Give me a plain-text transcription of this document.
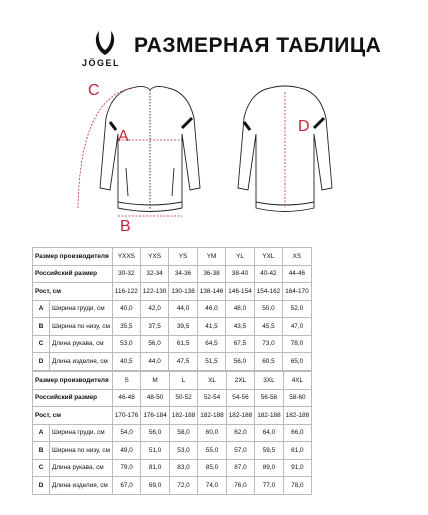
JÖGEL
РАЗМЕРНАЯ ТАБЛИЦА
C
A
B
D
Размер производителя		YXXS	YXS	YS	YM	YL	YXL	XS
Российский размер		30-32	32-34	34-36	36-38	38-40	40-42	44-46
Рост, см		116-122	122-130	130-138	138-146	146-154	154-162	164-170
A	Ширина груди, см	40,0	42,0	44,0	46,0	48,0	50,0	52,0
B	Ширина по низу, см	35,5	37,5	39,5	41,5	43,5	45,5	47,0
C	Длина рукава, см	53,0	56,0	61,5	64,5	67,5	73,0	78,0
D	Длина изделия, см	40,5	44,0	47,5	51,5	56,0	60,5	65,0
Размер производителя		S	M	L	XL	2XL	3XL	4XL
Российский размер		46-48	48-50	50-52	52-54	54-56	56-58	58-60
Рост, см		170-176	176-184	182-188	182-188	182-188	182-188	182-188
A	Ширина груди, см	54,0	56,0	58,0	60,0	62,0	64,0	66,0
B	Ширина по низу, см	49,0	51,0	53,0	55,0	57,0	59,5	61,0
C	Длина рукава, см	79,0	81,0	83,0	85,0	87,0	89,0	91,0
D	Длина изделия, см	67,0	69,0	72,0	74,0	76,0	77,0	78,0
